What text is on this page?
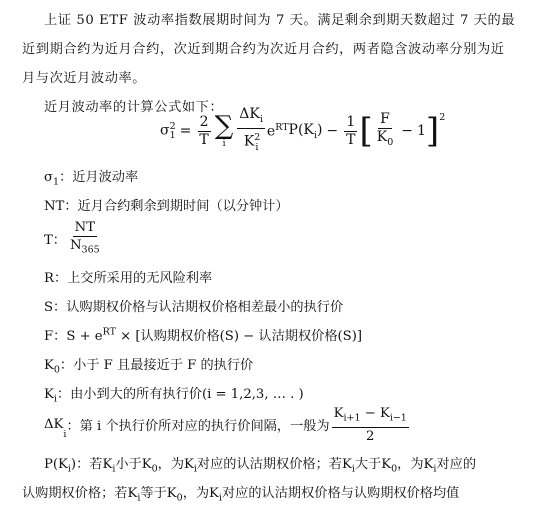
上证 50 ETF 波动率指数展期时间为 7 天。满足剩余到期天数超过 7 天的最
近到期合约为近月合约，次近到期合约为次近月合约，两者隐含波动率分别为近
月与次近月波动率。
近月波动率的计算公式如下：
$\sigma^2_1 = \frac{2}{T}$ ∑
i $\frac{\Delta K_i}{K^2_i} e^{RT}$ $P(K_i) - \frac{1}{T}$ [ $\frac{F}{K_0} - 1$ ]$^2$
$\sigma_1$：近月波动率
NT：近月合约剩余到期时间（以分钟计）
T： $\frac{NT}{N_{365}}$
R：上交所采用的无风险利率
S：认购期权价格与认沽期权价格相差最小的执行价
F：$S + e^{RT}$ × [认购期权价格(S) − 认沽期权价格(S)]
$K_0$：小于 F 且最接近于 F 的执行价
$K_i$：由小到大的所有执行价(i = 1,2,3, … . )
ΔK
$_i$ ：第 i 个执行价所对应的执行价间隔，一般为 $\frac{K_{i+1} - K_{i-1}}{2}$
$P(K_i)$：若$K_i$小于$K_0$，为$K_i$对应的认沽期权价格；若$K_i$大于$K_0$，为$K_i$对应的
认购期权价格；若$K_i$等于$K_0$，为$K_i$对应的认沽期权价格与认购期权价格均值
